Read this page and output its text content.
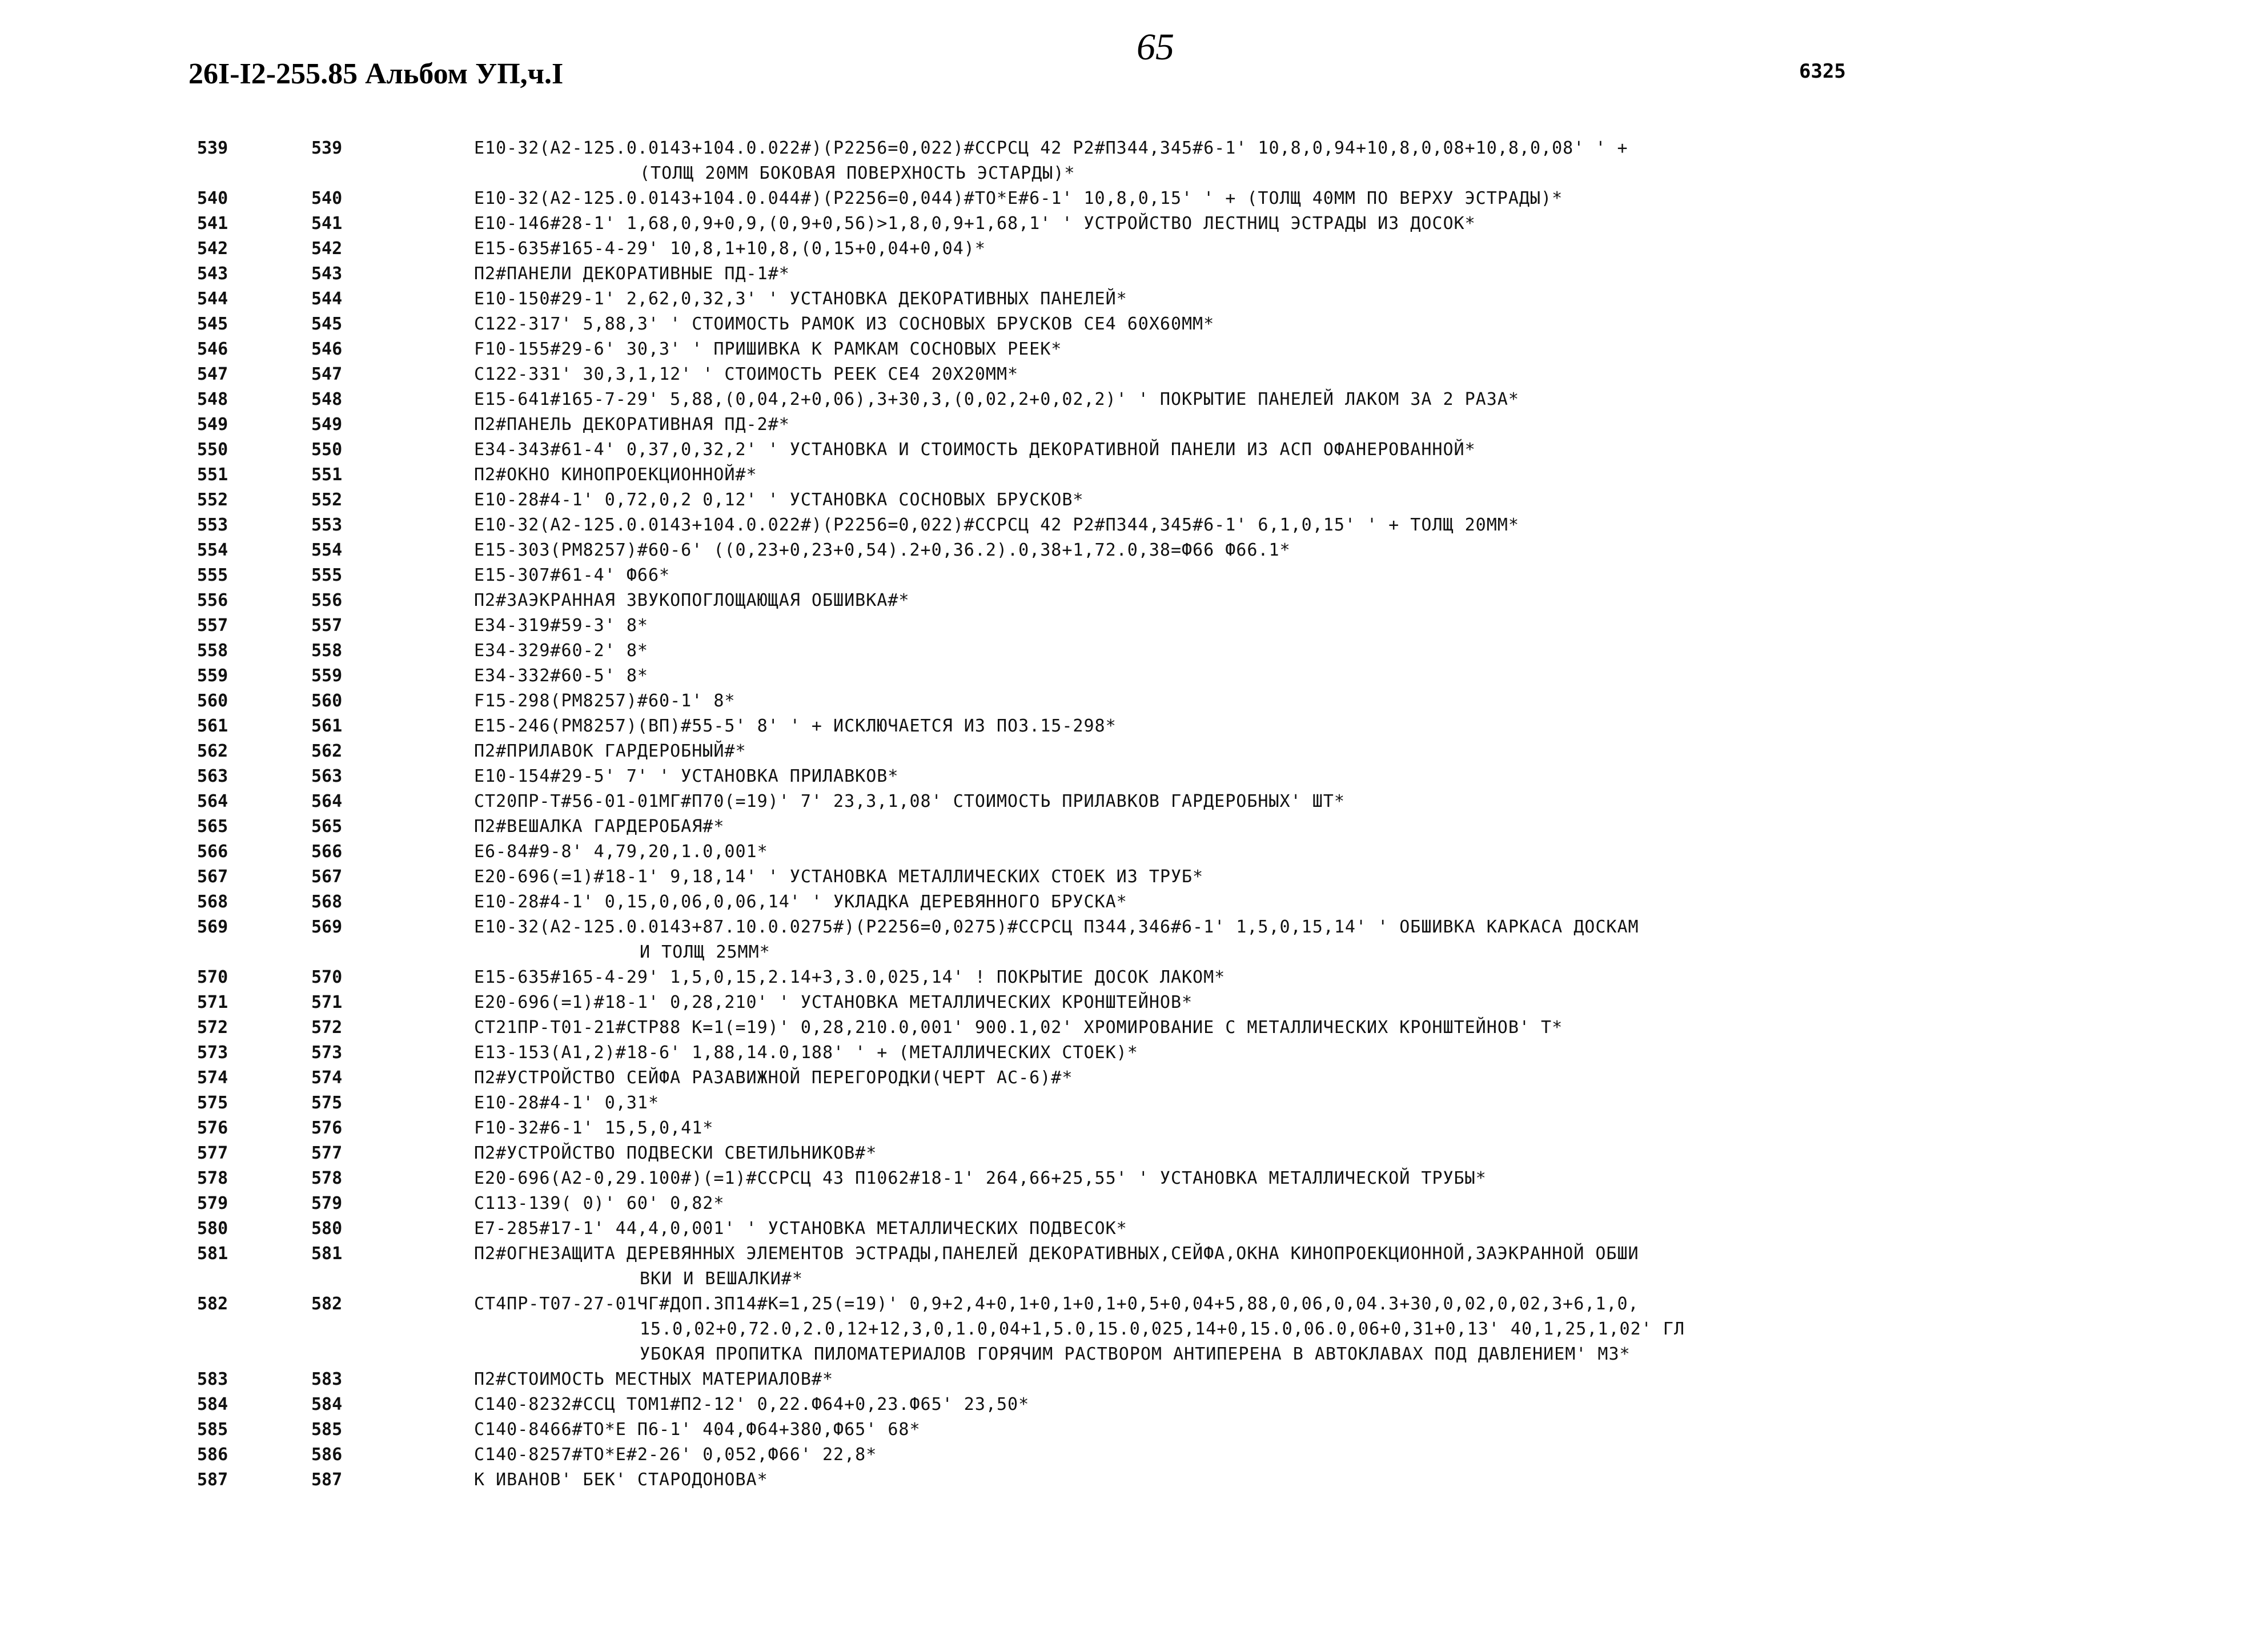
26I-I2-255.85 Альбом УП,ч.I
65
6325
539	539	E10-32(A2-125.0.0143+104.0.022#)(P2256=0,022)#CCPCЦ 42 P2#П344,345#6-1' 10,8,0,94+10,8,0,08+10,8,0,08' ' +
(ТОЛЩ 20ММ БОКОВАЯ ПОВЕРХНОСТЬ ЭСТАРДЫ)*
540	540	E10-32(A2-125.0.0143+104.0.044#)(P2256=0,044)#TO*E#6-1' 10,8,0,15' ' + (ТОЛЩ 40ММ ПО ВЕРХУ ЭСТРАДЫ)*
541	541	E10-146#28-1' 1,68,0,9+0,9,(0,9+0,56)>1,8,0,9+1,68,1' ' УСТРОЙСТВО ЛЕСТНИЦ ЭСТРАДЫ ИЗ ДОСОК*
542	542	E15-635#165-4-29' 10,8,1+10,8,(0,15+0,04+0,04)*
543	543	П2#ПАНЕЛИ ДЕКОРАТИВНЫЕ ПД-1#*
544	544	E10-150#29-1' 2,62,0,32,3' ' УСТАНОВКА ДЕКОРАТИВНЫХ ПАНЕЛЕЙ*
545	545	C122-317' 5,88,3' ' СТОИМОСТЬ РАМОК ИЗ СОСНОВЫХ БРУСКОВ СЕ4 60Х60ММ*
546	546	F10-155#29-6' 30,3' ' ПРИШИВКА К РАМКАМ СОСНОВЫХ РЕЕК*
547	547	C122-331' 30,3,1,12' ' СТОИМОСТЬ РЕЕК СЕ4 20Х20ММ*
548	548	E15-641#165-7-29' 5,88,(0,04,2+0,06),3+30,3,(0,02,2+0,02,2)' ' ПОКРЫТИЕ ПАНЕЛЕЙ ЛАКОМ ЗА 2 РАЗА*
549	549	П2#ПАНЕЛЬ ДЕКОРАТИВНАЯ ПД-2#*
550	550	E34-343#61-4' 0,37,0,32,2' ' УСТАНОВКА И СТОИМОСТЬ ДЕКОРАТИВНОЙ ПАНЕЛИ ИЗ АСП ОФАНЕРОВАННОЙ*
551	551	П2#ОКНО КИНОПРОЕКЦИОННОЙ#*
552	552	E10-28#4-1' 0,72,0,2 0,12' ' УСТАНОВКА СОСНОВЫХ БРУСКОВ*
553	553	E10-32(A2-125.0.0143+104.0.022#)(P2256=0,022)#CCPCЦ 42 P2#П344,345#6-1' 6,1,0,15' ' + ТОЛЩ 20ММ*
554	554	E15-303(PM8257)#60-6' ((0,23+0,23+0,54).2+0,36.2).0,38+1,72.0,38=Ф66 Ф66.1*
555	555	E15-307#61-4' Ф66*
556	556	П2#ЗАЭКРАННАЯ ЗВУКОПОГЛОЩАЮЩАЯ ОБШИВКА#*
557	557	E34-319#59-3' 8*
558	558	E34-329#60-2' 8*
559	559	E34-332#60-5' 8*
560	560	F15-298(PM8257)#60-1' 8*
561	561	E15-246(PM8257)(BП)#55-5' 8' ' + ИСКЛЮЧАЕТСЯ ИЗ ПОЗ.15-298*
562	562	П2#ПРИЛАВОК ГАРДЕРОБНЫЙ#*
563	563	E10-154#29-5' 7' ' УСТАНОВКА ПРИЛАВКОВ*
564	564	CT20ПР-T#56-01-01МГ#П70(=19)' 7' 23,3,1,08' СТОИМОСТЬ ПРИЛАВКОВ ГАРДЕРОБНЫХ' ШТ*
565	565	П2#ВЕШАЛКА ГАРДЕРОБАЯ#*
566	566	E6-84#9-8' 4,79,20,1.0,001*
567	567	E20-696(=1)#18-1' 9,18,14' ' УСТАНОВКА МЕТАЛЛИЧЕСКИХ СТОЕК ИЗ ТРУБ*
568	568	E10-28#4-1' 0,15,0,06,0,06,14' ' УКЛАДКА ДЕРЕВЯННОГО БРУСКА*
569	569	E10-32(A2-125.0.0143+87.10.0.0275#)(P2256=0,0275)#CCPCЦ П344,346#6-1' 1,5,0,15,14' ' ОБШИВКА КАРКАСА ДОСКАМ
И ТОЛЩ 25ММ*
570	570	E15-635#165-4-29' 1,5,0,15,2.14+3,3.0,025,14' ! ПОКРЫТИЕ ДОСОК ЛАКОМ*
571	571	E20-696(=1)#18-1' 0,28,210' ' УСТАНОВКА МЕТАЛЛИЧЕСКИХ КРОНШТЕЙНОВ*
572	572	CT21ПР-T01-21#CTP88 K=1(=19)' 0,28,210.0,001' 900.1,02' ХРОМИРОВАНИЕ С МЕТАЛЛИЧЕСКИХ КРОНШТЕЙНОВ' Т*
573	573	E13-153(A1,2)#18-6' 1,88,14.0,188' ' + (МЕТАЛЛИЧЕСКИХ СТОЕК)*
574	574	П2#УСТРОЙСТВО СЕЙФА РАЗАВИЖНОЙ ПЕРЕГОРОДКИ(ЧЕРТ AC-6)#*
575	575	E10-28#4-1' 0,31*
576	576	F10-32#6-1' 15,5,0,41*
577	577	П2#УСТРОЙСТВО ПОДВЕСКИ СВЕТИЛЬНИКОВ#*
578	578	E20-696(A2-0,29.100#)(=1)#CCPCЦ 43 П1062#18-1' 264,66+25,55' ' УСТАНОВКА МЕТАЛЛИЧЕСКОЙ ТРУБЫ*
579	579	C113-139( 0)' 60' 0,82*
580	580	E7-285#17-1' 44,4,0,001' ' УСТАНОВКА МЕТАЛЛИЧЕСКИХ ПОДВЕСОК*
581	581	П2#ОГНЕЗАЩИТА ДЕРЕВЯННЫХ ЭЛЕМЕНТОВ ЭСТРАДЫ,ПАНЕЛЕЙ ДЕКОРАТИВНЫХ,СЕЙФА,ОКНА КИНОПРОЕКЦИОННОЙ,ЗАЭКРАННОЙ ОБШИ
ВКИ И ВЕШАЛКИ#*
582	582	CT4ПР-T07-27-01ЧГ#ДОП.3П14#K=1,25(=19)' 0,9+2,4+0,1+0,1+0,1+0,5+0,04+5,88,0,06,0,04.3+30,0,02,0,02,3+6,1,0,
15.0,02+0,72.0,2.0,12+12,3,0,1.0,04+1,5.0,15.0,025,14+0,15.0,06.0,06+0,31+0,13' 40,1,25,1,02' ГЛ
УБОКАЯ ПРОПИТКА ПИЛОМАТЕРИАЛОВ ГОРЯЧИМ РАСТВОРОМ АНТИПЕРЕНА В АВТОКЛАВАХ ПОД ДАВЛЕНИЕМ' М3*
583	583	П2#СТОИМОСТЬ МЕСТНЫХ МАТЕРИАЛОВ#*
584	584	C140-8232#CCЦ TOM1#П2-12' 0,22.Ф64+0,23.Ф65' 23,50*
585	585	C140-8466#TO*E П6-1' 404,Ф64+380,Ф65' 68*
586	586	C140-8257#TO*E#2-26' 0,052,Ф66' 22,8*
587	587	K ИВАНОВ' БЕК' СТАРОДОНОВА*
